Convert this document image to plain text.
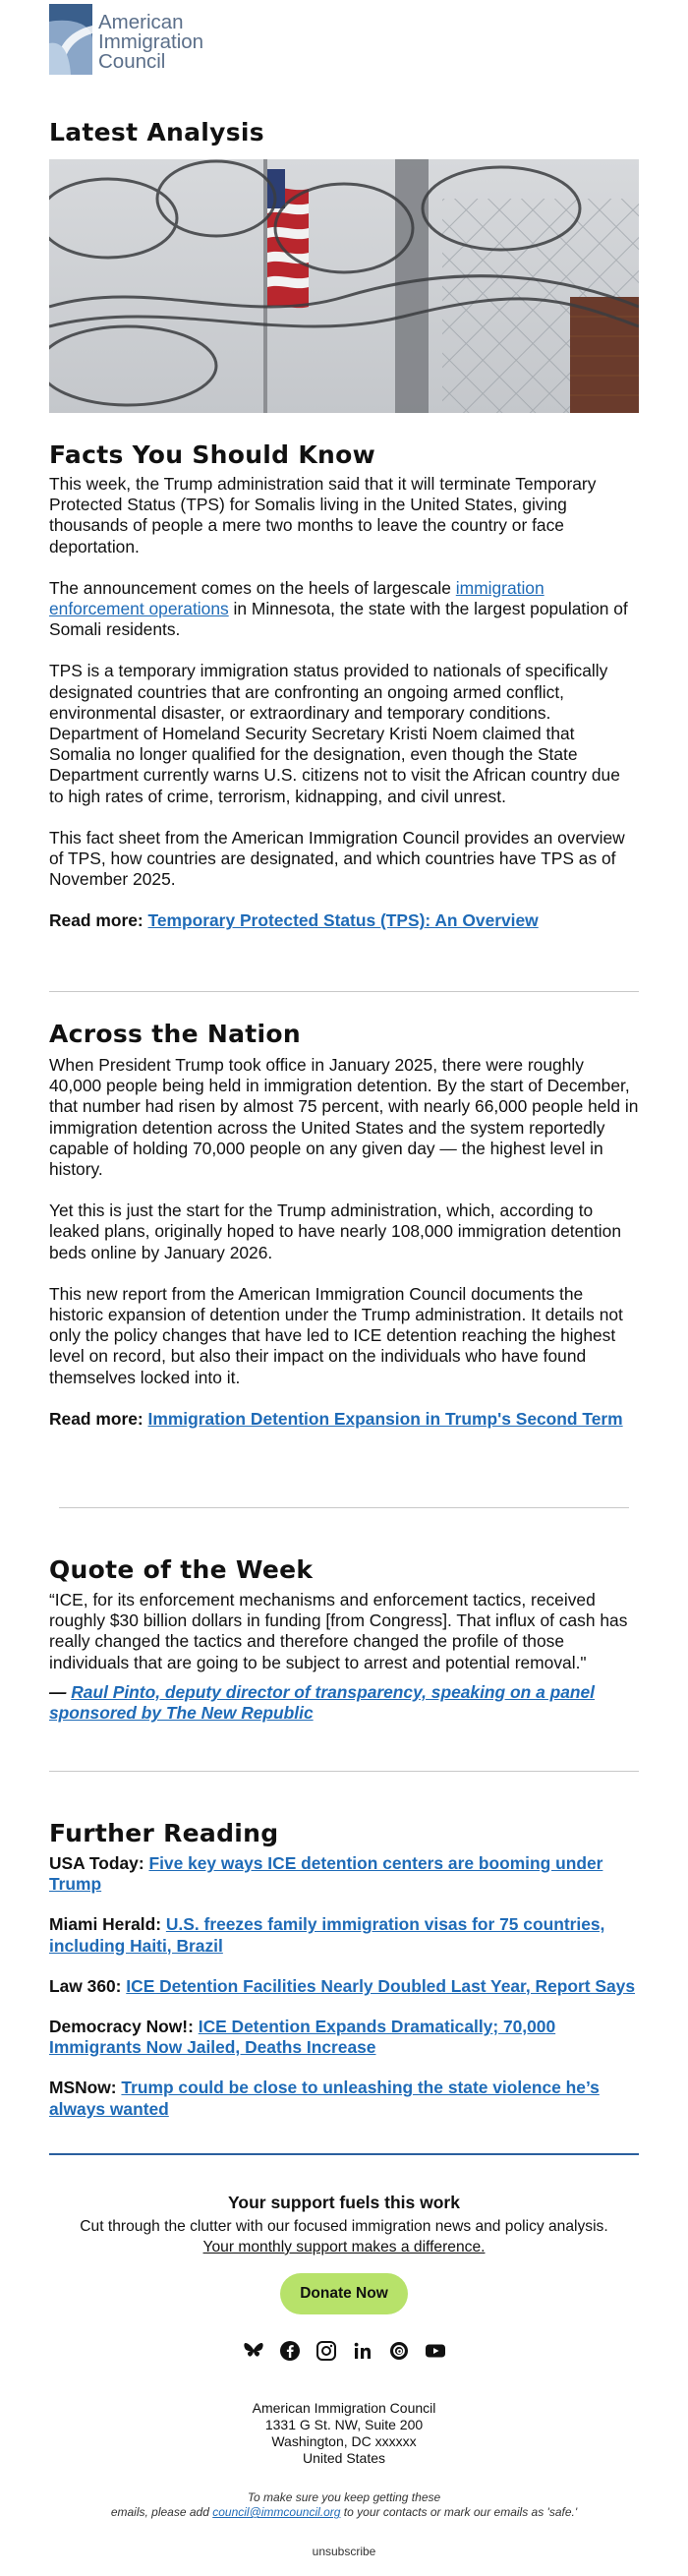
American
Immigration
Council
Latest Analysis
Facts You Should Know

This week, the Trump administration said that it will terminate Temporary Protected Status (TPS) for Somalis living in the United States, giving thousands of people a mere two months to leave the country or face deportation.

The announcement comes on the heels of largescale immigration enforcement operations in Minnesota, the state with the largest population of Somali residents.

TPS is a temporary immigration status provided to nationals of specifically designated countries that are confronting an ongoing armed conflict, environmental disaster, or extraordinary and temporary conditions. Department of Homeland Security Secretary Kristi Noem claimed that Somalia no longer qualified for the designation, even though the State Department currently warns U.S. citizens not to visit the African country due to high rates of crime, terrorism, kidnapping, and civil unrest.

This fact sheet from the American Immigration Council provides an overview of TPS, how countries are designated, and which countries have TPS as of November 2025.

Read more: Temporary Protected Status (TPS): An Overview

Across the Nation

When President Trump took office in January 2025, there were roughly 40,000 people being held in immigration detention. By the start of December, that number had risen by almost 75 percent, with nearly 66,000 people held in immigration detention across the United States and the system reportedly capable of holding 70,000 people on any given day — the highest level in history.

Yet this is just the start for the Trump administration, which, according to leaked plans, originally hoped to have nearly 108,000 immigration detention beds online by January 2026.

This new report from the American Immigration Council documents the historic expansion of detention under the Trump administration. It details not only the policy changes that have led to ICE detention reaching the highest level on record, but also their impact on the individuals who have found themselves locked into it.

Read more: Immigration Detention Expansion in Trump's Second Term

Quote of the Week

“ICE, for its enforcement mechanisms and enforcement tactics, received roughly $30 billion dollars in funding [from Congress]. That influx of cash has really changed the tactics and therefore changed the profile of those individuals that are going to be subject to arrest and potential removal."

— Raul Pinto, deputy director of transparency, speaking on a panel sponsored by The New Republic

Further Reading
USA Today: Five key ways ICE detention centers are booming under Trump
Miami Herald: U.S. freezes family immigration visas for 75 countries, including Haiti, Brazil
Law 360: ICE Detention Facilities Nearly Doubled Last Year, Report Says
Democracy Now!: ICE Detention Expands Dramatically; 70,000 Immigrants Now Jailed, Deaths Increase
MSNow: Trump could be close to unleashing the state violence he’s always wanted
Your support fuels this work
Cut through the clutter with our focused immigration news and policy analysis. Your monthly support makes a difference.
Donate Now
American Immigration Council
1331 G St. NW, Suite 200
Washington, DC xxxxxx
United States
To make sure you keep getting these
emails, please add council@immcouncil.org to your contacts or mark our emails as 'safe.'
unsubscribe
